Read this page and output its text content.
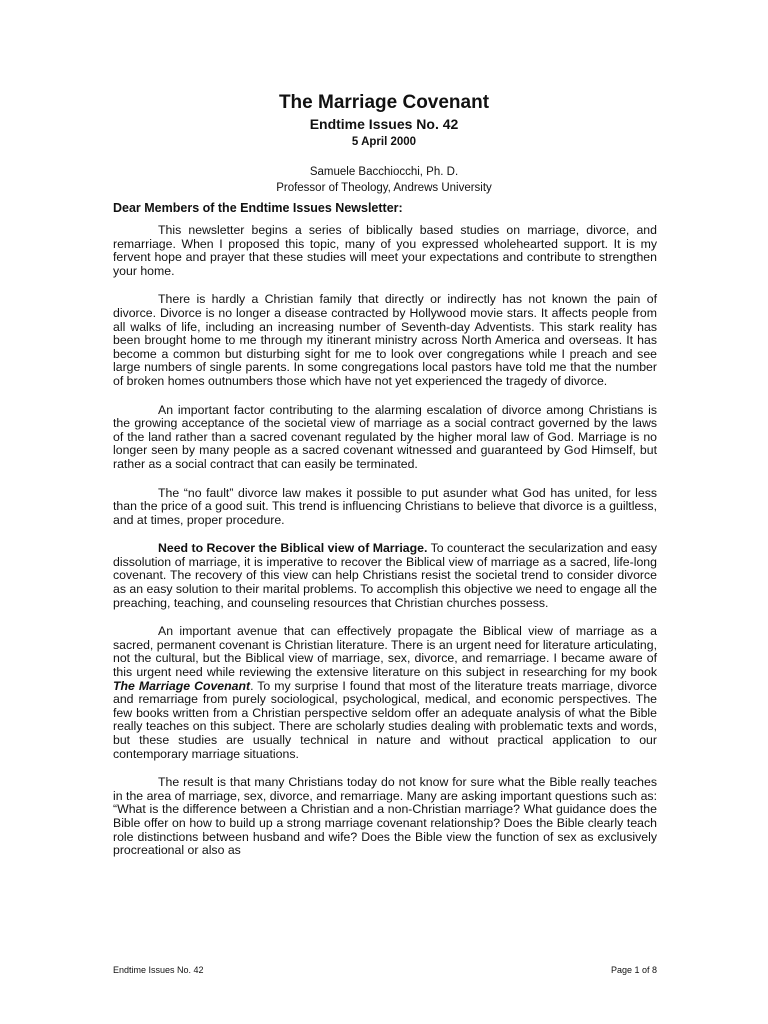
The Marriage Covenant

Endtime Issues No. 42

5 April 2000

Samuele Bacchiocchi, Ph. D.

Professor of Theology, Andrews University

Dear Members of the Endtime Issues Newsletter:

This newsletter begins a series of biblically based studies on marriage, divorce, and remarriage. When I proposed this topic, many of you expressed wholehearted support. It is my fervent hope and prayer that these studies will meet your expectations and contribute to strengthen your home.

There is hardly a Christian family that directly or indirectly has not known the pain of divorce. Divorce is no longer a disease contracted by Hollywood movie stars. It affects people from all walks of life, including an increasing number of Seventh-day Adventists. This stark reality has been brought home to me through my itinerant ministry across North America and overseas. It has become a common but disturbing sight for me to look over congregations while I preach and see large numbers of single parents. In some congregations local pastors have told me that the number of broken homes outnumbers those which have not yet experienced the tragedy of divorce.

An important factor contributing to the alarming escalation of divorce among Christians is the growing acceptance of the societal view of marriage as a social contract governed by the laws of the land rather than a sacred covenant regulated by the higher moral law of God. Marriage is no longer seen by many people as a sacred covenant witnessed and guaranteed by God Himself, but rather as a social contract that can easily be terminated.

The “no fault” divorce law makes it possible to put asunder what God has united, for less than the price of a good suit. This trend is influencing Christians to believe that divorce is a guiltless, and at times, proper procedure.

Need to Recover the Biblical view of Marriage. To counteract the secularization and easy dissolution of marriage, it is imperative to recover the Biblical view of marriage as a sacred, life-long covenant. The recovery of this view can help Christians resist the societal trend to consider divorce as an easy solution to their marital problems. To accomplish this objective we need to engage all the preaching, teaching, and counseling resources that Christian churches possess.

An important avenue that can effectively propagate the Biblical view of marriage as a sacred, permanent covenant is Christian literature. There is an urgent need for literature articulating, not the cultural, but the Biblical view of marriage, sex, divorce, and remarriage. I became aware of this urgent need while reviewing the extensive literature on this subject in researching for my book The Marriage Covenant. To my surprise I found that most of the literature treats marriage, divorce and remarriage from purely sociological, psychological, medical, and economic perspectives. The few books written from a Christian perspective seldom offer an adequate analysis of what the Bible really teaches on this subject. There are scholarly studies dealing with problematic texts and words, but these studies are usually technical in nature and without practical application to our contemporary marriage situations.

The result is that many Christians today do not know for sure what the Bible really teaches in the area of marriage, sex, divorce, and remarriage. Many are asking important questions such as: “What is the difference between a Christian and a non-Christian marriage? What guidance does the Bible offer on how to build up a strong marriage covenant relationship? Does the Bible clearly teach role distinctions between husband and wife? Does the Bible view the function of sex as exclusively procreational or also as

Endtime Issues No. 42	Page 1 of 8
